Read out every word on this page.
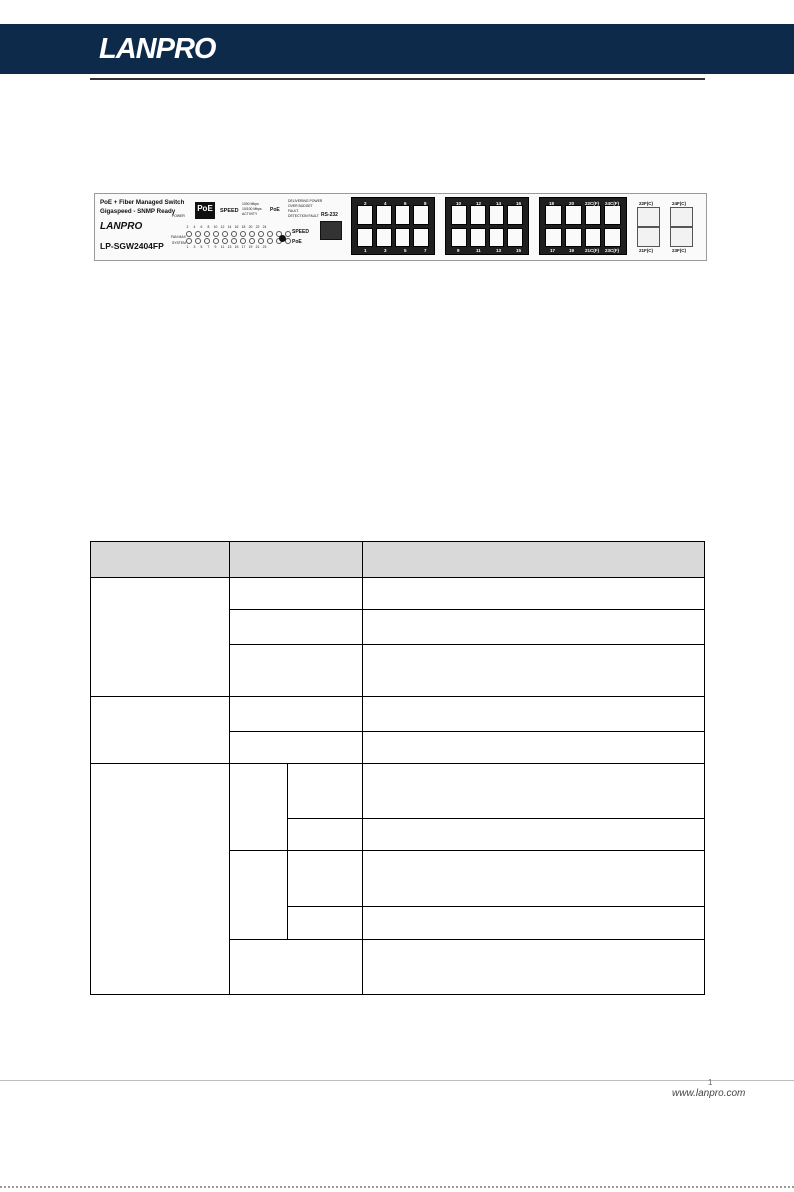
LANPRO
PoE + Fiber Managed Switch
Gigaspeed - SNMP Ready
LANPRO
LP-SGW2404FP
POWER
FAN MAX
SYSTEM
PoE	SPEED
1000 Mbps
10/100 Mbps
ACTIVITY
PoE
DELIVERING POWER
OVER BUDGET
FAULT
DETECTION FAULT
2	4	6	8	10 12 14 16 18 20 22 24
1	3	5	7	9	11 13 15 17 19 21 23
SPEED
PoE
RS-232
2	4	6	8
1	3	5	7
10	12	14	16
9	11	13	15
18	20 22C(F) 24C(F)
17	19 21C(F) 23C(F)
22F(C)	24F(C)
21F(C)	23F(C)

1
www.lanpro.com
